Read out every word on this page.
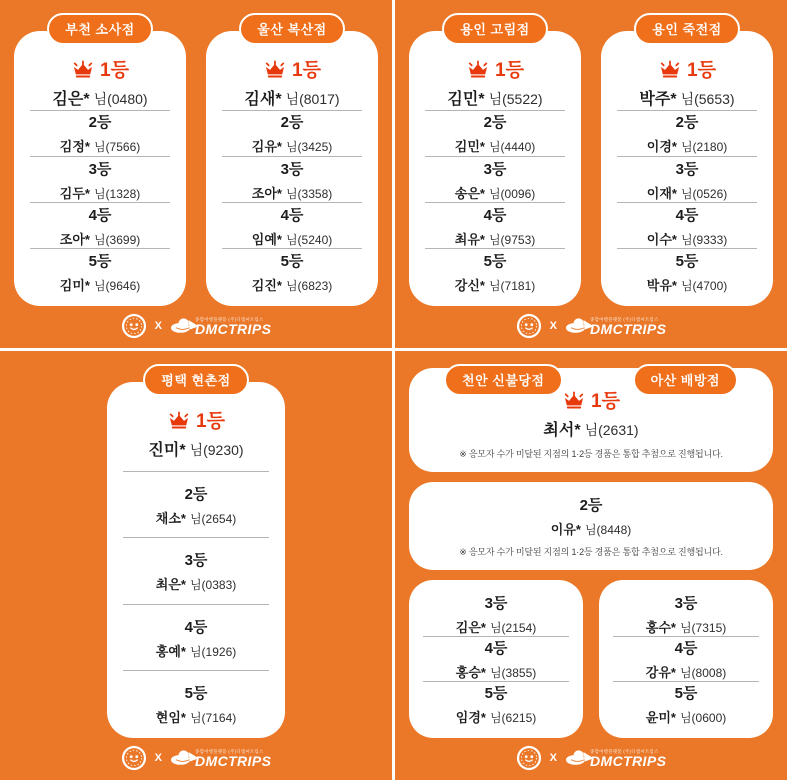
부천 소사점
1등
김은* 님(0480)
2등
김정* 님(7566)
3등
김두* 님(1328)
4등
조아* 님(3699)
5등
김미* 님(9646)
울산 복산점
1등
김새* 님(8017)
2등
김유* 님(3425)
3등
조아* 님(3358)
4등
임예* 님(5240)
5등
김진* 님(6823)
X
종합여행플랫폼 (주)디엠씨트립스
DMCTRIPS
용인 고림점
1등
김민* 님(5522)
2등
김민* 님(4440)
3등
송은* 님(0096)
4등
최유* 님(9753)
5등
강신* 님(7181)
용인 죽전점
1등
박주* 님(5653)
2등
이경* 님(2180)
3등
이재* 님(0526)
4등
이수* 님(9333)
5등
박유* 님(4700)
X
종합여행플랫폼 (주)디엠씨트립스
DMCTRIPS
평택 현촌점
1등
진미* 님(9230)
2등
채소* 님(2654)
3등
최은* 님(0383)
4등
홍예* 님(1926)
5등
현임* 님(7164)
X
종합여행플랫폼 (주)디엠씨트립스
DMCTRIPS
천안 신불당점	아산 배방점
1등
최서* 님(2631)
※ 응모자 수가 미달된 지점의 1·2등 경품은 통합 추첨으로 진행됩니다.
2등
이유* 님(8448)
※ 응모자 수가 미달된 지점의 1·2등 경품은 통합 추첨으로 진행됩니다.
3등
김은* 님(2154)
4등
홍승* 님(3855)
5등
임경* 님(6215)
3등
홍수* 님(7315)
4등
강유* 님(8008)
5등
윤미* 님(0600)
X
종합여행플랫폼 (주)디엠씨트립스
DMCTRIPS
